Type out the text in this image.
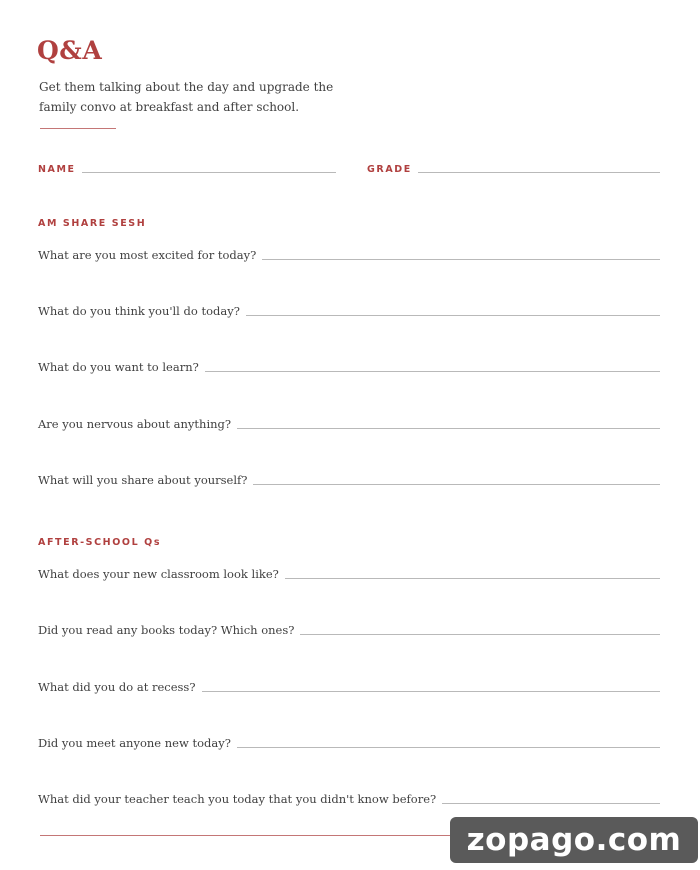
Q&A
Get them talking about the day and upgrade the family convo at breakfast and after school.
NAME	GRADE
AM SHARE SESH
What are you most excited for today?
What do you think you'll do today?
What do you want to learn?
Are you nervous about anything?
What will you share about yourself?
AFTER-SCHOOL Qs
What does your new classroom look like?
Did you read any books today? Which ones?
What did you do at recess?
Did you meet anyone new today?
What did your teacher teach you today that you didn't know before?
zopago.com
